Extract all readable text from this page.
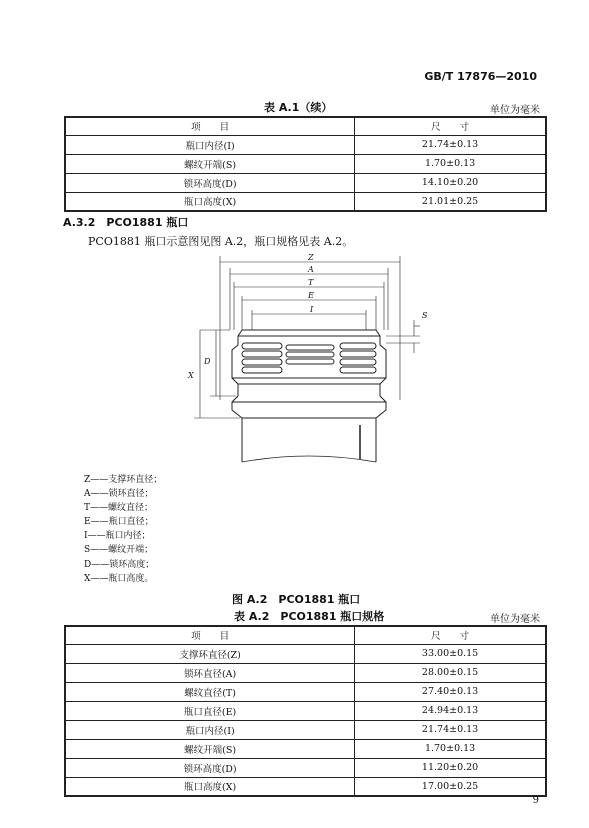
GB/T 17876—2010
表 A.1（续）	单位为毫米
项　　目	尺　　寸
瓶口内径(I)	21.74±0.13
螺纹开端(S)	1.70±0.13
锁环高度(D)	14.10±0.20
瓶口高度(X)	21.01±0.25
A.3.2　PCO1881 瓶口
PCO1881 瓶口示意图见图 A.2，瓶口规格见表 A.2。
Z
A
T
E
I
S
D
X
Z——支撑环直径；
A——锁环直径；
T——螺纹直径；
E——瓶口直径；
I——瓶口内径；
S——螺纹开端；
D——锁环高度；
X——瓶口高度。
图 A.2　PCO1881 瓶口
表 A.2　PCO1881 瓶口规格	单位为毫米
项　　目	尺　　寸
支撑环直径(Z)	33.00±0.15
锁环直径(A)	28.00±0.15
螺纹直径(T)	27.40±0.13
瓶口直径(E)	24.94±0.13
瓶口内径(I)	21.74±0.13
螺纹开端(S)	1.70±0.13
锁环高度(D)	11.20±0.20
瓶口高度(X)	17.00±0.25
9
